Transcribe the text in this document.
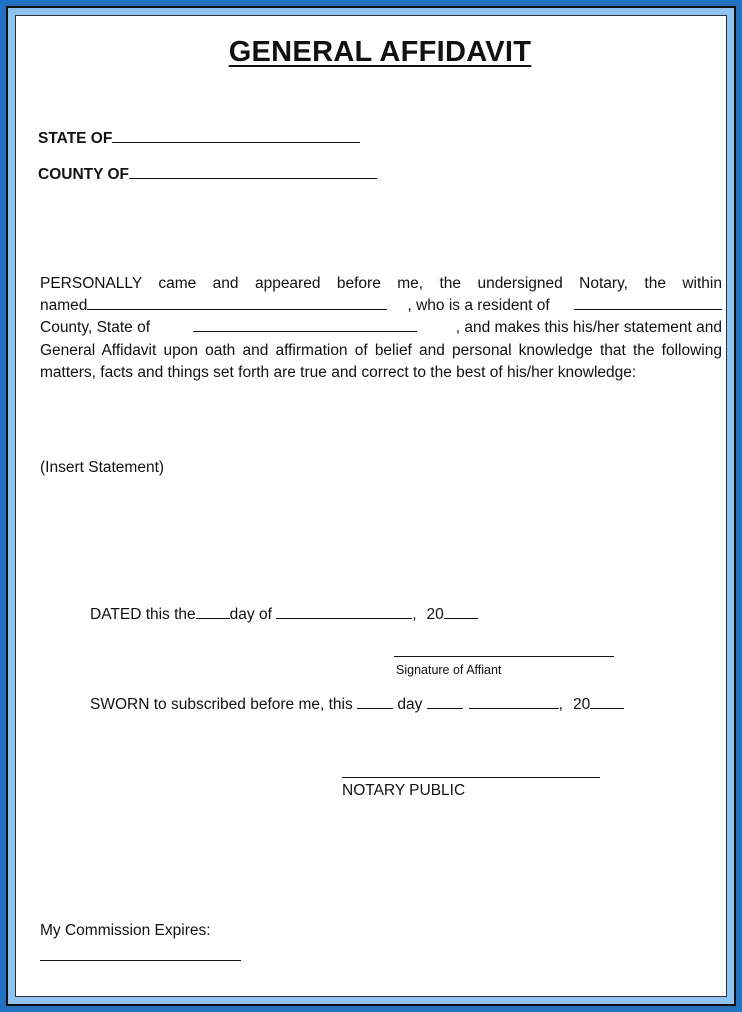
GENERAL AFFIDAVIT
STATE OF
COUNTY OF
PERSONALLY came and appeared before me, the undersigned Notary, the within
named	, who is a resident of
County, State of	, and makes this his/her statement and
General Affidavit upon oath and affirmation of belief and personal knowledge that the following matters, facts and things set forth are true and correct to the best of his/her knowledge:
(Insert Statement)
DATED this the day of	, 20
Signature of Affiant
SWORN to subscribed before me, this  day	, 20
NOTARY PUBLIC
My Commission Expires:
